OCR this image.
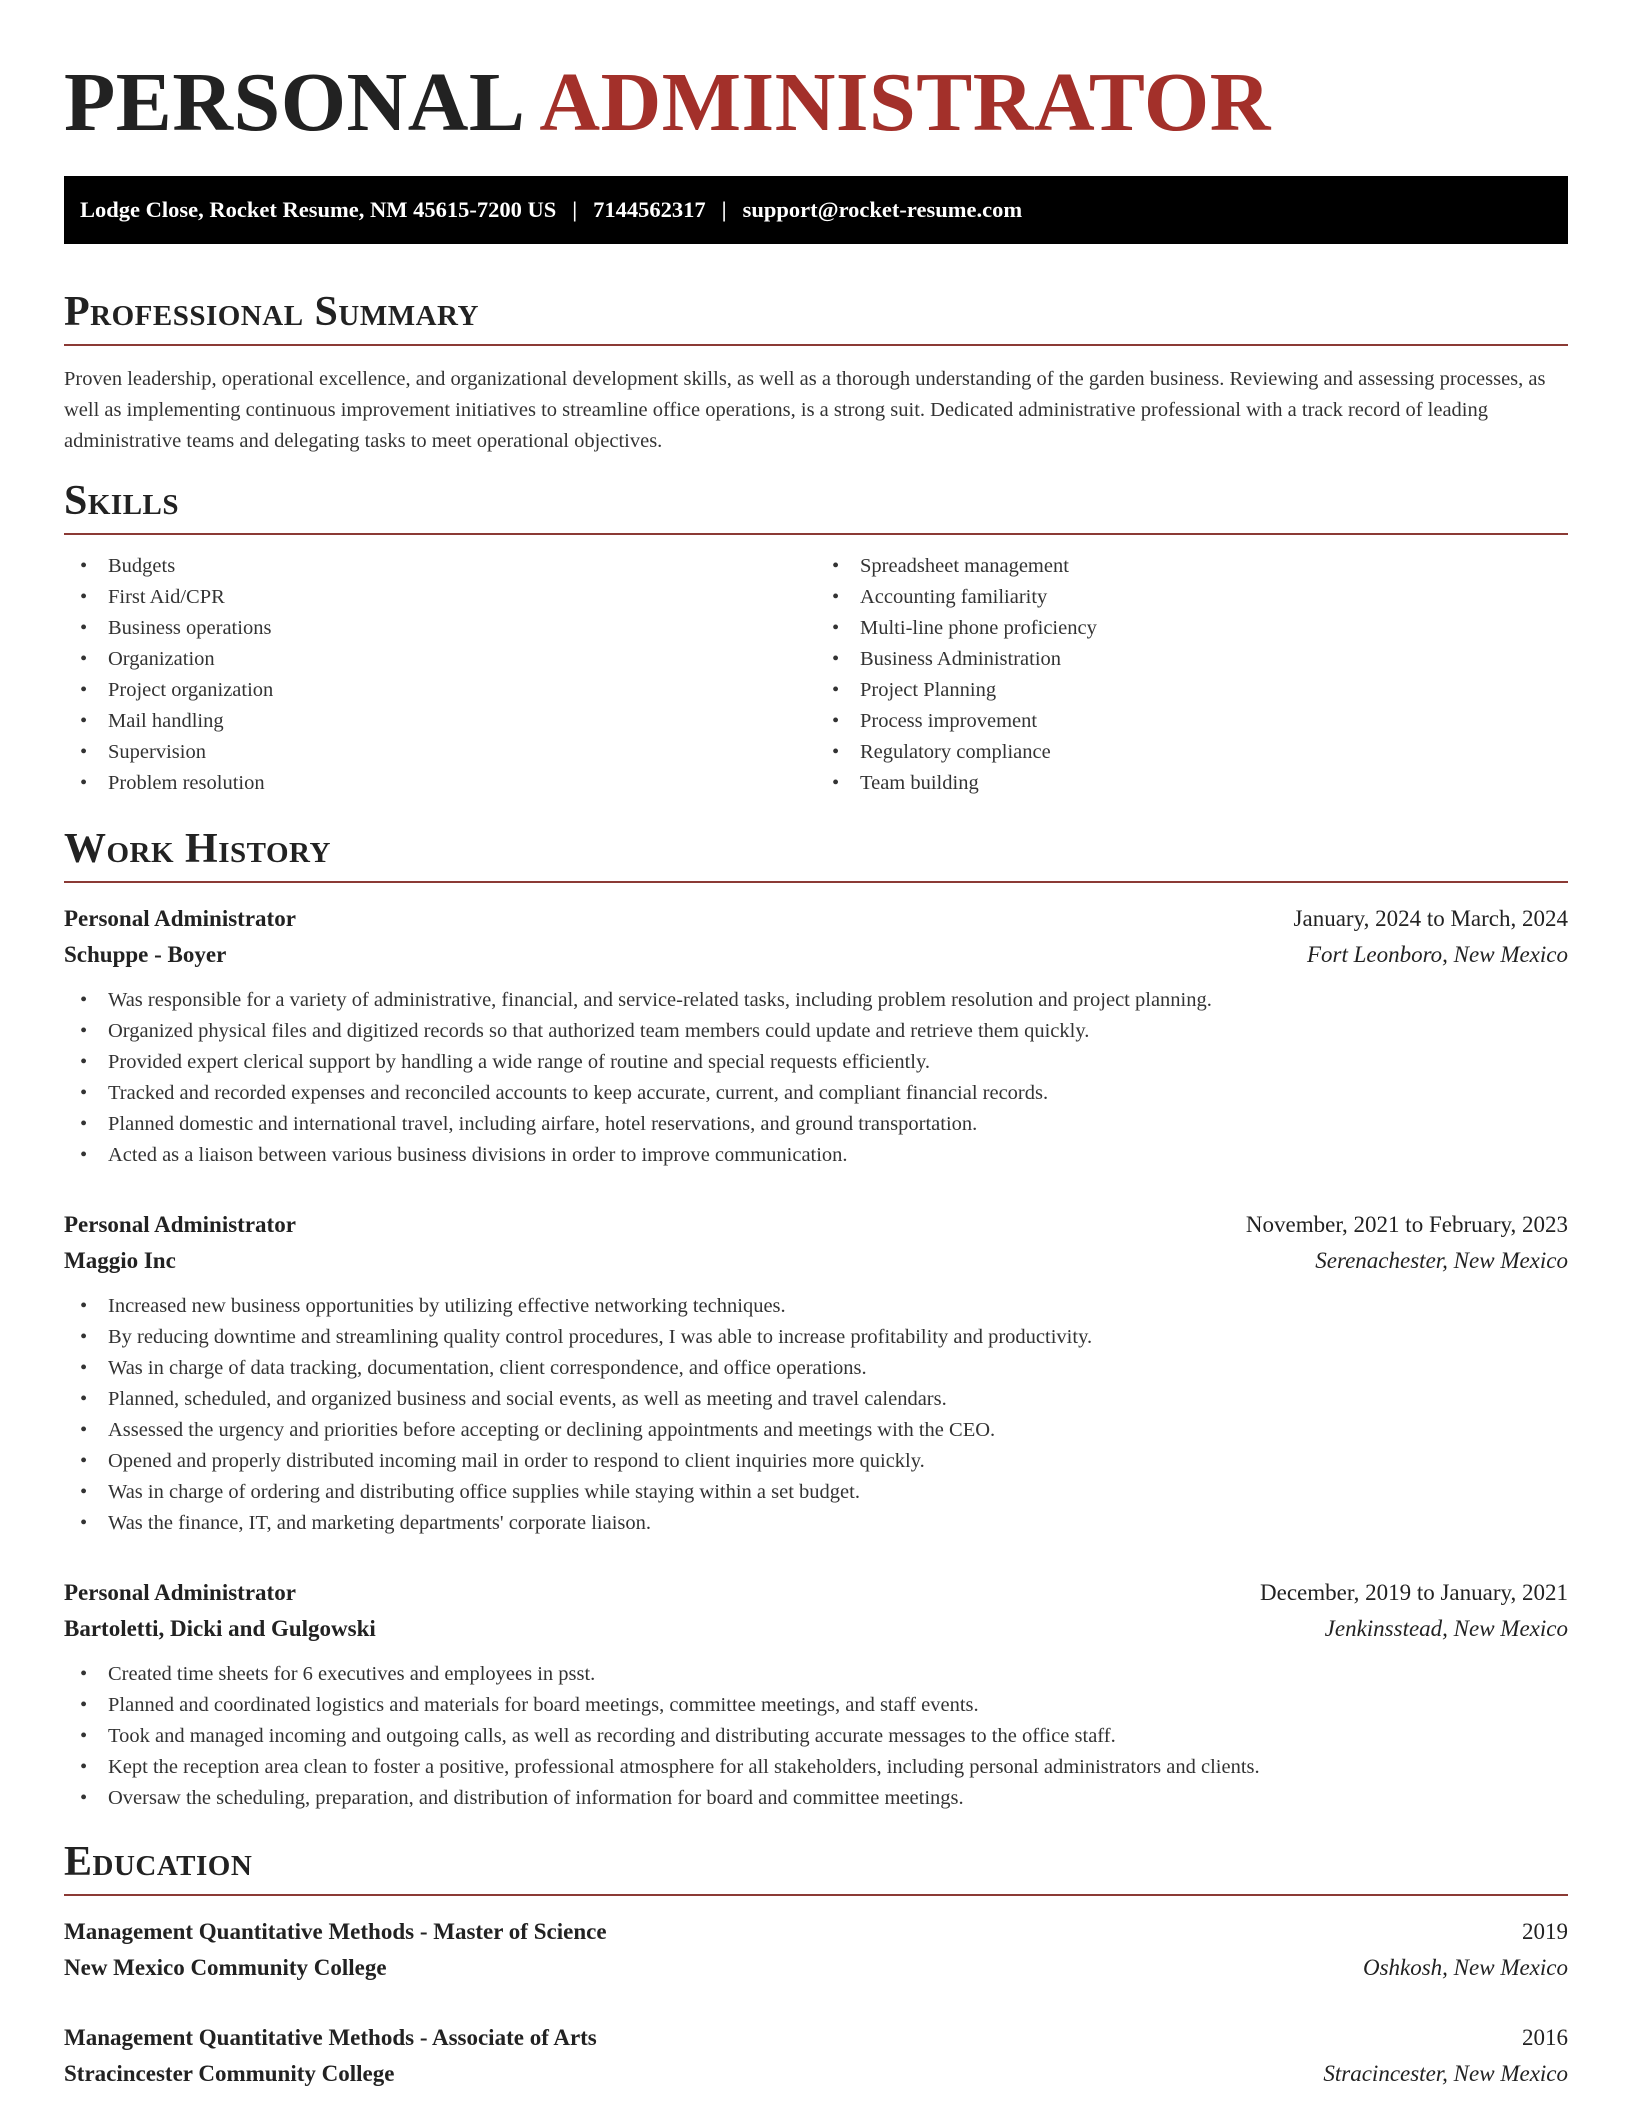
PERSONAL ADMINISTRATOR
Lodge Close, Rocket Resume, NM 45615-7200 US | 7144562317 | support@rocket-resume.com
Professional Summary

Proven leadership, operational excellence, and organizational development skills, as well as a thorough understanding of the garden business. Reviewing and assessing processes, as well as implementing continuous improvement initiatives to streamline office operations, is a strong suit. Dedicated administrative professional with a track record of leading administrative teams and delegating tasks to meet operational objectives.

Skills
• Budgets
• First Aid/CPR
• Business operations
• Organization
• Project organization
• Mail handling
• Supervision
• Problem resolution
• Spreadsheet management
• Accounting familiarity
• Multi-line phone proficiency
• Business Administration
• Project Planning
• Process improvement
• Regulatory compliance
• Team building
Work History
Personal Administrator	January, 2024 to March, 2024
Schuppe - Boyer	Fort Leonboro, New Mexico
• Was responsible for a variety of administrative, financial, and service-related tasks, including problem resolution and project planning.
• Organized physical files and digitized records so that authorized team members could update and retrieve them quickly.
• Provided expert clerical support by handling a wide range of routine and special requests efficiently.
• Tracked and recorded expenses and reconciled accounts to keep accurate, current, and compliant financial records.
• Planned domestic and international travel, including airfare, hotel reservations, and ground transportation.
• Acted as a liaison between various business divisions in order to improve communication.
Personal Administrator	November, 2021 to February, 2023
Maggio Inc	Serenachester, New Mexico
• Increased new business opportunities by utilizing effective networking techniques.
• By reducing downtime and streamlining quality control procedures, I was able to increase profitability and productivity.
• Was in charge of data tracking, documentation, client correspondence, and office operations.
• Planned, scheduled, and organized business and social events, as well as meeting and travel calendars.
• Assessed the urgency and priorities before accepting or declining appointments and meetings with the CEO.
• Opened and properly distributed incoming mail in order to respond to client inquiries more quickly.
• Was in charge of ordering and distributing office supplies while staying within a set budget.
• Was the finance, IT, and marketing departments' corporate liaison.
Personal Administrator	December, 2019 to January, 2021
Bartoletti, Dicki and Gulgowski	Jenkinsstead, New Mexico
• Created time sheets for 6 executives and employees in psst.
• Planned and coordinated logistics and materials for board meetings, committee meetings, and staff events.
• Took and managed incoming and outgoing calls, as well as recording and distributing accurate messages to the office staff.
• Kept the reception area clean to foster a positive, professional atmosphere for all stakeholders, including personal administrators and clients.
• Oversaw the scheduling, preparation, and distribution of information for board and committee meetings.
Education
Management Quantitative Methods - Master of Science	2019
New Mexico Community College	Oshkosh, New Mexico
Management Quantitative Methods - Associate of Arts	2016
Stracincester Community College	Stracincester, New Mexico
